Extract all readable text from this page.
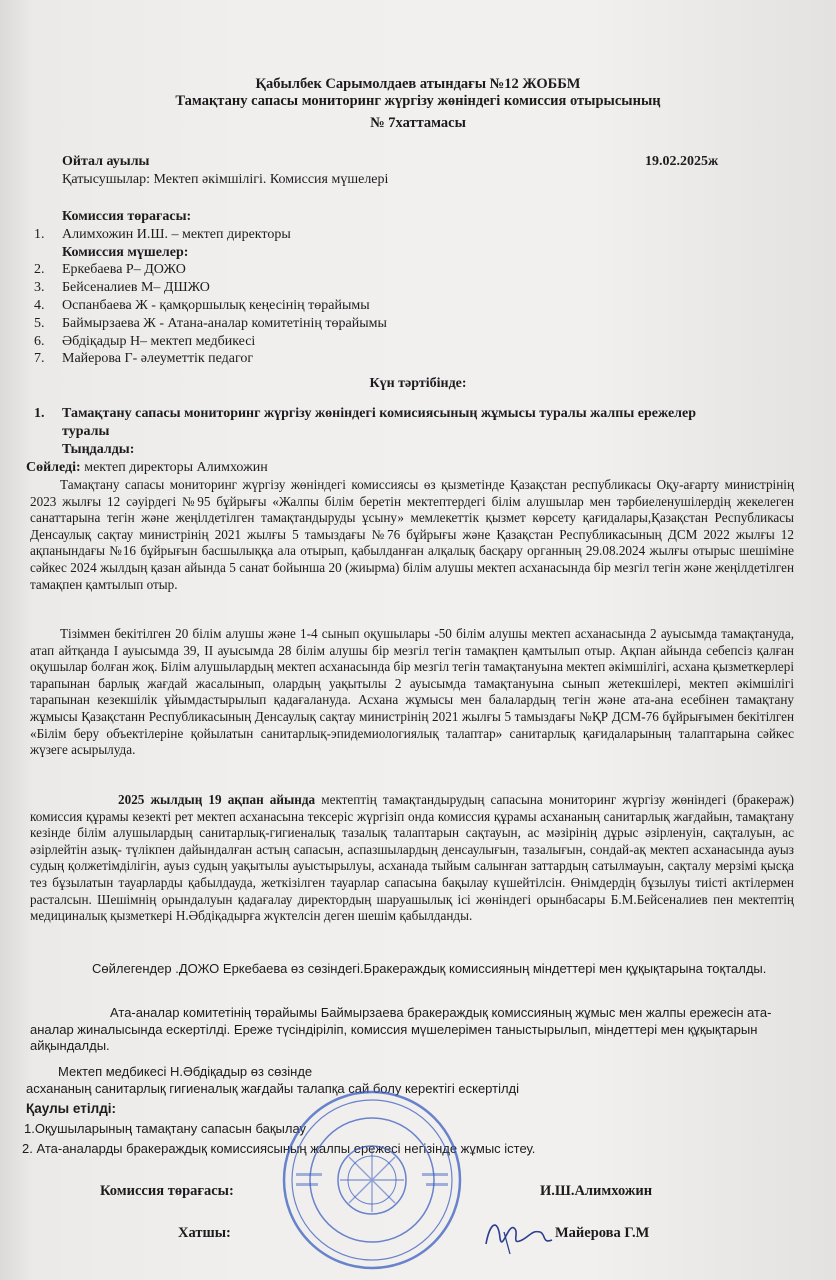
Қабылбек Сарымолдаев атындағы №12 ЖОББМ
Тамақтану сапасы мониторинг жүргізу жөніндегі комиссия отырысының
№ 7хаттамасы
Ойтал ауылы	19.02.2025ж
Қатысушылар: Мектеп әкімшілігі. Комиссия мүшелері
Комиссия төрағасы:
1. Алимхожин И.Ш. – мектеп директоры
Комиссия мүшелер:
2. Еркебаева Р– ДОЖО
3. Бейсеналиев М– ДШЖО
4. Оспанбаева Ж - қамқоршылық кеңесінің төрайымы
5. Баймырзаева Ж - Атана-аналар комитетінің төрайымы
6. Әбдіқадыр Н– мектеп медбикесі
7. Майерова Г- әлеуметтік педагог
Күн тәртібінде:
1. Тамақтану сапасы мониторинг жүргізу жөніндегі комисиясының жұмысы туралы жалпы ережелер
туралы
Тыңдалды:
Сөйледі: мектеп директоры Алимхожин
Тамақтану сапасы мониторинг жүргізу жөніндегі комиссиясы өз қызметінде Қазақстан республикасы Оқу-ағарту министрінің 2023 жылғы 12 сәуірдегі №95 бұйрығы «Жалпы білім беретін мектептердегі білім алушылар мен тәрбиеленушілердің жекелеген санаттарына тегін және жеңілдетілген тамақтандыруды ұсыну» мемлекеттік қызмет көрсету қағидалары,Қазақстан Республикасы Денсаулық сақтау министрінің 2021 жылғы 5 тамыздағы №76 бұйрығы және Қазақстан Республикасының ДСМ 2022 жылғы 12 ақпанындағы №16 бұйрығын басшылыққа ала отырып, қабылданған алқалық басқару органның 29.08.2024 жылғы отырыс шешіміне сәйкес 2024 жылдың қазан айында 5 санат бойынша 20 (жиырма) білім алушы мектеп асханасында бір мезгіл тегін және жеңілдетілген тамақпен қамтылып отыр.
Тізіммен бекітілген 20 білім алушы және 1-4 сынып оқушылары -50 білім алушы мектеп асханасында 2 ауысымда тамақтануда, атап айтқанда І ауысымда 39, ІІ ауысымда 28 білім алушы бір мезгіл тегін тамақпен қамтылып отыр. Ақпан айында себепсіз қалған оқушылар болған жоқ. Білім алушылардың мектеп асханасында бір мезгіл тегін тамақтануына мектеп әкімшілігі, асхана қызметкерлері тарапынан барлық жағдай жасалынып, олардың уақытылы 2 ауысымда тамақтануына сынып жетекшілері, мектеп әкімшілігі тарапынан кезекшілік ұйымдастырылып қадағалануда. Асхана жұмысы мен балалардың тегін және ата-ана есебінен тамақтану жұмысы Қазақстанн Республикасының Денсаулық сақтау министрінің 2021 жылғы 5 тамыздағы №ҚР ДСМ-76 бұйрығымен бекітілген «Білім беру объектілеріне қойылатын санитарлық-эпидемиологиялық талаптар» санитарлық қағидаларының талаптарына сәйкес жүзеге асырылуда.
2025 жылдың 19 ақпан айында мектептің тамақтандырудың сапасына мониторинг жүргізу жөніндегі (бракераж) комиссия құрамы кезекті рет мектеп асханасына тексеріс жүргізіп онда комиссия құрамы асхананың санитарлық жағдайын, тамақтану кезінде білім алушылардың санитарлық-гигиеналық тазалық талаптарын сақтауын, ас мәзірінің дұрыс әзірленуін, сақталуын, ас әзірлейтін азық- түлікпен дайындалған астың сапасын, аспазшылардың денсаулығын, тазалығын, сондай-ақ мектеп асханасында ауыз судың қолжетімділігін, ауыз судың уақытылы ауыстырылуы, асханада тыйым салынған заттардың сатылмауын, сақталу мерзімі қысқа тез бұзылатын тауарларды қабылдауда, жеткізілген тауарлар сапасына бақылау күшейтілсін. Өнімдердің бұзылуы тиісті актілермен расталсын. Шешімнің орындалуын қадағалау директордың шаруашылық ісі жөніндегі орынбасары Б.М.Бейсеналиев пен мектептің медициналық қызметкері Н.Әбдіқадырға жүктелсін деген шешім қабылданды.
Сөйлегендер .ДОЖО Еркебаева өз сөзіндегі.Бракераждық комиссияның міндеттері мен құқықтарына тоқталды.
Ата-аналар комитетінің төрайымы Баймырзаева бракераждық комиссияның жұмыс мен жалпы ережесін ата-аналар жиналысында ескертілді. Ереже түсіндіріліп, комиссия мүшелерімен таныстырылып, міндеттері мен құқықтарын айқындалды.
Мектеп медбикесі Н.Әбдіқадыр өз сөзінде
асхананың санитарлық гигиеналық жағдайы талапқа сай болу керектігі ескертілді
Қаулы етілді:
1.Оқушыларының тамақтану сапасын бақылау
2. Ата-аналарды бракераждық комиссиясының жалпы ережесі негізінде жұмыс істеу.
Комиссия төрағасы:	И.Ш.Алимхожин
Хатшы:	Майерова Г.М
